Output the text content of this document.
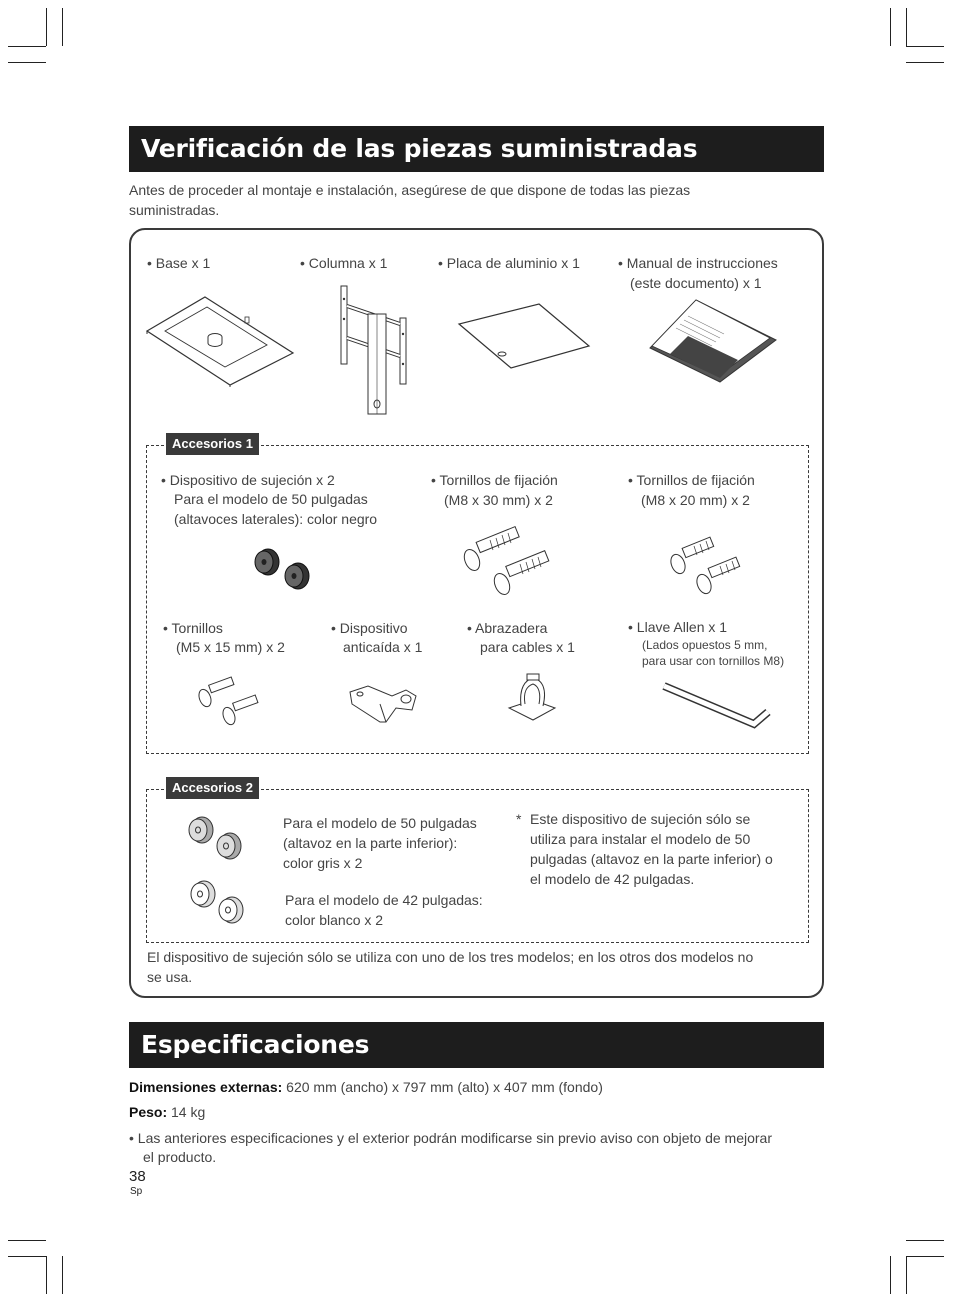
Verificación de las piezas suministradas
Antes de proceder al montaje e instalación, asegúrese de que dispone de todas las piezas suministradas.
• Base x 1	• Columna x 1	• Placa de aluminio x 1	• Manual de instrucciones
(este documento) x 1
Accesorios 1
• Dispositivo de sujeción x 2
Para el modelo de 50 pulgadas
(altavoces laterales): color negro
• Tornillos de fijación
(M8 x 30 mm) x 2
• Tornillos de fijación
(M8 x 20 mm) x 2
• Tornillos
(M5 x 15 mm) x 2
• Dispositivo
anticaída x 1
• Abrazadera
para cables x 1
• Llave Allen x 1
(Lados opuestos 5 mm,
para usar con tornillos M8)
Accesorios 2
Para el modelo de 50 pulgadas
(altavoz en la parte inferior):
color gris x 2
Para el modelo de 42 pulgadas:
color blanco x 2
* Este dispositivo de sujeción sólo se
utiliza para instalar el modelo de 50
pulgadas (altavoz en la parte inferior) o
el modelo de 42 pulgadas.
El dispositivo de sujeción sólo se utiliza con uno de los tres modelos; en los otros dos modelos no
se usa.
Especificaciones
Dimensiones externas: 620 mm (ancho) x 797 mm (alto) x 407 mm (fondo)
Peso: 14 kg
• Las anteriores especificaciones y el exterior podrán modificarse sin previo aviso con objeto de mejorar
el producto.
38
Sp
